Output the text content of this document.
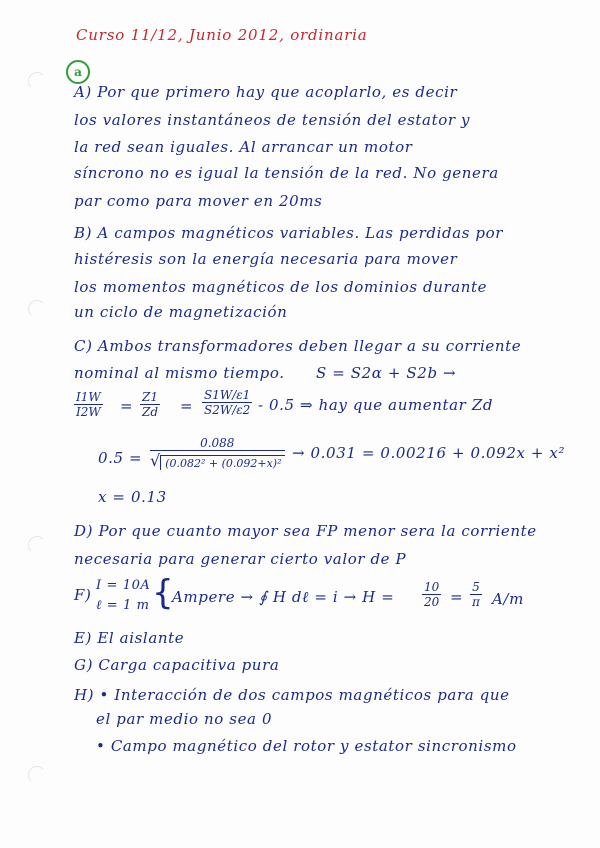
Curso 11/12, Junio 2012, ordinaria
a
A) Por que primero hay que acoplarlo, es decir
los valores instantáneos de tensión del estator y
la red sean iguales. Al arrancar un motor
síncrono no es igual la tensión de la red. No genera
par como para mover en 20ms
B) A campos magnéticos variables. Las perdidas por
histéresis son la energía necesaria para mover
los momentos magnéticos de los dominios durante
un ciclo de magnetización
C) Ambos transformadores deben llegar a su corriente
nominal al mismo tiempo. S = S2α + S2b →
$\frac{I1W}{I2W} = \frac{Z1}{Zd} = \frac{S1W/\varepsilon 1}{S2W/\varepsilon 2} - 0.5$ ⇒ hay que aumentar Zd
$0.5 = \frac{0.088}{\text{√ (0.082² + (0.092+x)²}} \to 0.031 = 0.00216 + 0.092x + x^2$
x = 0.13
D) Por que cuanto mayor sea FP menor sera la corriente
necesaria para generar cierto valor de P
F)
I = 10A
ℓ = 1 m {
Ampere → ∮ H dℓ = $i \to H = \frac{10}{20} = \frac{5}{\pi} A/m$
E) El aislante
G) Carga capacitiva pura
H) • Interacción de dos campos magnéticos para que
el par medio no sea 0
• Campo magnético del rotor y estator sincronismo
